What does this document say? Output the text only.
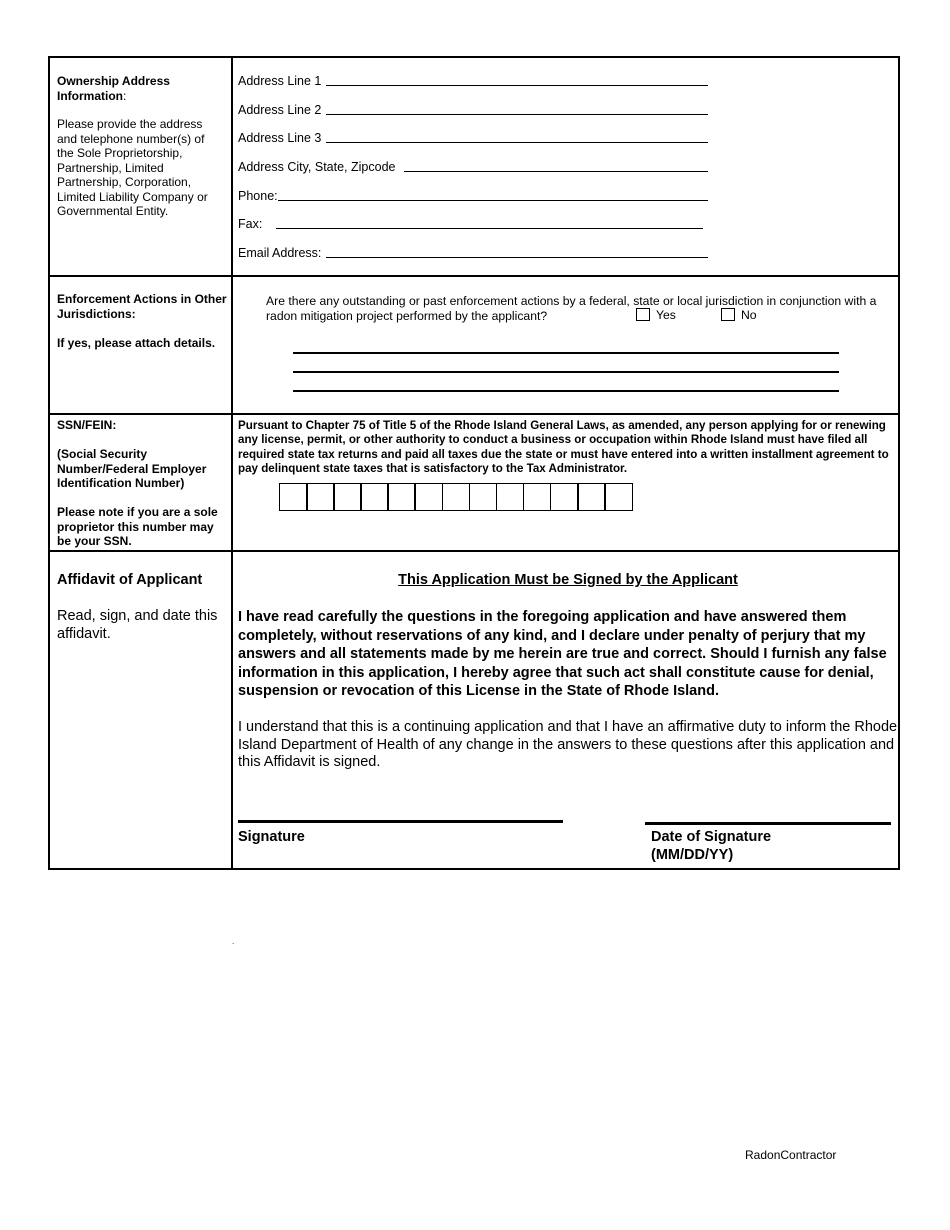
Ownership Address Information:
Please provide the address and telephone number(s) of the Sole Proprietorship, Partnership, Limited Partnership, Corporation, Limited Liability Company or Governmental Entity.
Address Line 1
Address Line 2
Address Line 3
Address City, State, Zipcode
Phone:
Fax:
Email Address:
Enforcement Actions in Other Jurisdictions:
If yes, please attach details.
Are there any outstanding or past enforcement actions by a federal, state or local jurisdiction in conjunction with a radon mitigation project performed by the applicant?	Yes	No
SSN/FEIN:
(Social Security Number/Federal Employer Identification Number)
Please note if you are a sole proprietor this number may be your SSN.
Pursuant to Chapter 75 of Title 5 of the Rhode Island General Laws, as amended, any person applying for or renewing any license, permit, or other authority to conduct a business or occupation within Rhode Island must have filed all required state tax returns and paid all taxes due the state or must have entered into a written installment agreement to pay delinquent state taxes that is satisfactory to the Tax Administrator.
Affidavit of Applicant
Read, sign, and date this affidavit.
This Application Must be Signed by the Applicant
I have read carefully the questions in the foregoing application and have answered them completely, without reservations of any kind, and I declare under penalty of perjury that my answers and all statements made by me herein are true and correct. Should I furnish any false information in this application, I hereby agree that such act shall constitute cause for denial, suspension or revocation of this License in the State of Rhode Island.
I understand that this is a continuing application and that I have an affirmative duty to inform the Rhode Island Department of Health of any change in the answers to these questions after this application and this Affidavit is signed.
Signature	Date of Signature
(MM/DD/YY)
.
RadonContractor
